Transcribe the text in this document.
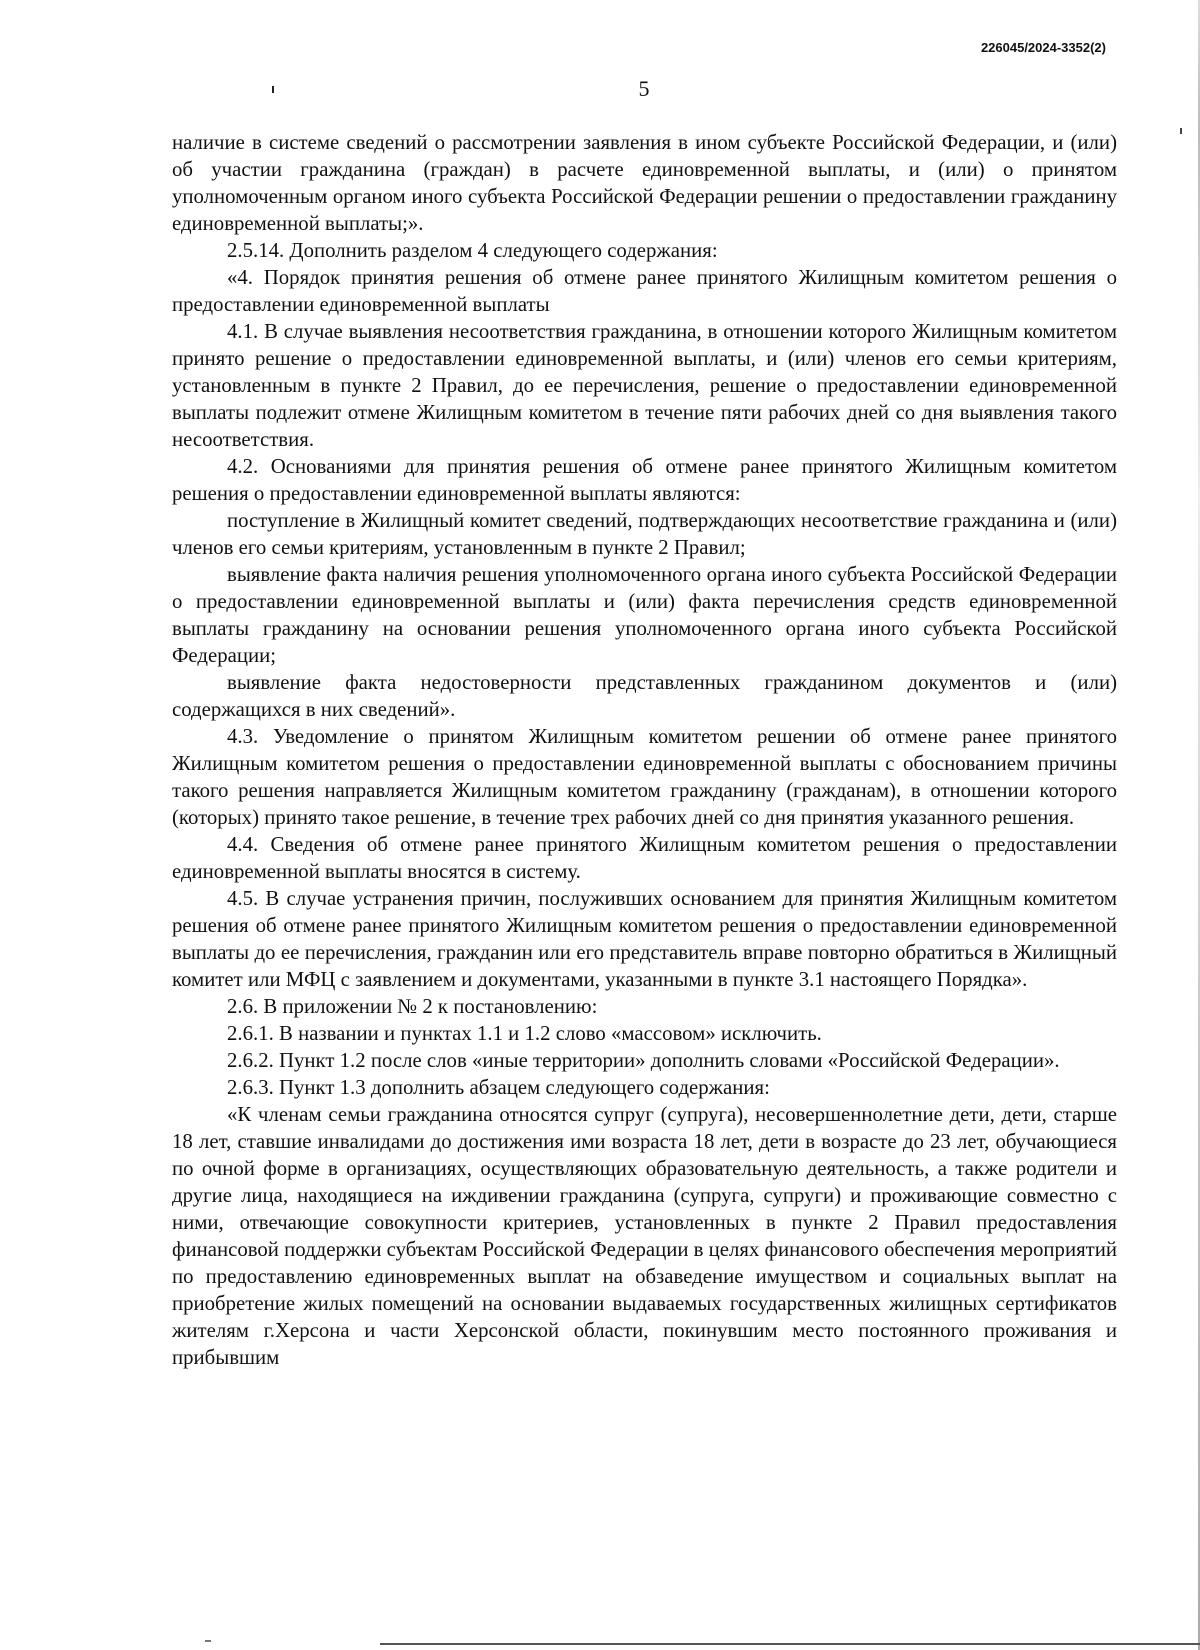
226045/2024-3352(2)
5

наличие в системе сведений о рассмотрении заявления в ином субъекте Российской Федерации, и (или) об участии гражданина (граждан) в расчете единовременной выплаты, и (или) о принятом уполномоченным органом иного субъекта Российской Федерации решении о предоставлении гражданину единовременной выплаты;».

2.5.14. Дополнить разделом 4 следующего содержания:

«4. Порядок принятия решения об отмене ранее принятого Жилищным комитетом решения о предоставлении единовременной выплаты

4.1. В случае выявления несоответствия гражданина, в отношении которого Жилищным комитетом принято решение о предоставлении единовременной выплаты, и (или) членов его семьи критериям, установленным в пункте 2 Правил, до ее перечисления, решение о предоставлении единовременной выплаты подлежит отмене Жилищным комитетом в течение пяти рабочих дней со дня выявления такого несоответствия.

4.2. Основаниями для принятия решения об отмене ранее принятого Жилищным комитетом решения о предоставлении единовременной выплаты являются:

поступление в Жилищный комитет сведений, подтверждающих несоответствие гражданина и (или) членов его семьи критериям, установленным в пункте 2 Правил;

выявление факта наличия решения уполномоченного органа иного субъекта Российской Федерации о предоставлении единовременной выплаты и (или) факта перечисления средств единовременной выплаты гражданину на основании решения уполномоченного органа иного субъекта Российской Федерации;

выявление факта недостоверности представленных гражданином документов и (или) содержащихся в них сведений».

4.3. Уведомление о принятом Жилищным комитетом решении об отмене ранее принятого Жилищным комитетом решения о предоставлении единовременной выплаты с обоснованием причины такого решения направляется Жилищным комитетом гражданину (гражданам), в отношении которого (которых) принято такое решение, в течение трех рабочих дней со дня принятия указанного решения.

4.4. Сведения об отмене ранее принятого Жилищным комитетом решения о предоставлении единовременной выплаты вносятся в систему.

4.5. В случае устранения причин, послуживших основанием для принятия Жилищным комитетом решения об отмене ранее принятого Жилищным комитетом решения о предоставлении единовременной выплаты до ее перечисления, гражданин или его представитель вправе повторно обратиться в Жилищный комитет или МФЦ с заявлением и документами, указанными в пункте 3.1 настоящего Порядка».

2.6. В приложении № 2 к постановлению:

2.6.1. В названии и пунктах 1.1 и 1.2 слово «массовом» исключить.

2.6.2. Пункт 1.2 после слов «иные территории» дополнить словами «Российской Федерации».

2.6.3. Пункт 1.3 дополнить абзацем следующего содержания:

«К членам семьи гражданина относятся супруг (супруга), несовершеннолетние дети, дети, старше 18 лет, ставшие инвалидами до достижения ими возраста 18 лет, дети в возрасте до 23 лет, обучающиеся по очной форме в организациях, осуществляющих образовательную деятельность, а также родители и другие лица, находящиеся на иждивении гражданина (супруга, супруги) и проживающие совместно с ними, отвечающие совокупности критериев, установленных в пункте 2 Правил предоставления финансовой поддержки субъектам Российской Федерации в целях финансового обеспечения мероприятий по предоставлению единовременных выплат на обзаведение имуществом и социальных выплат на приобретение жилых помещений на основании выдаваемых государственных жилищных сертификатов жителям г.Херсона и части Херсонской области, покинувшим место постоянного проживания и прибывшим
